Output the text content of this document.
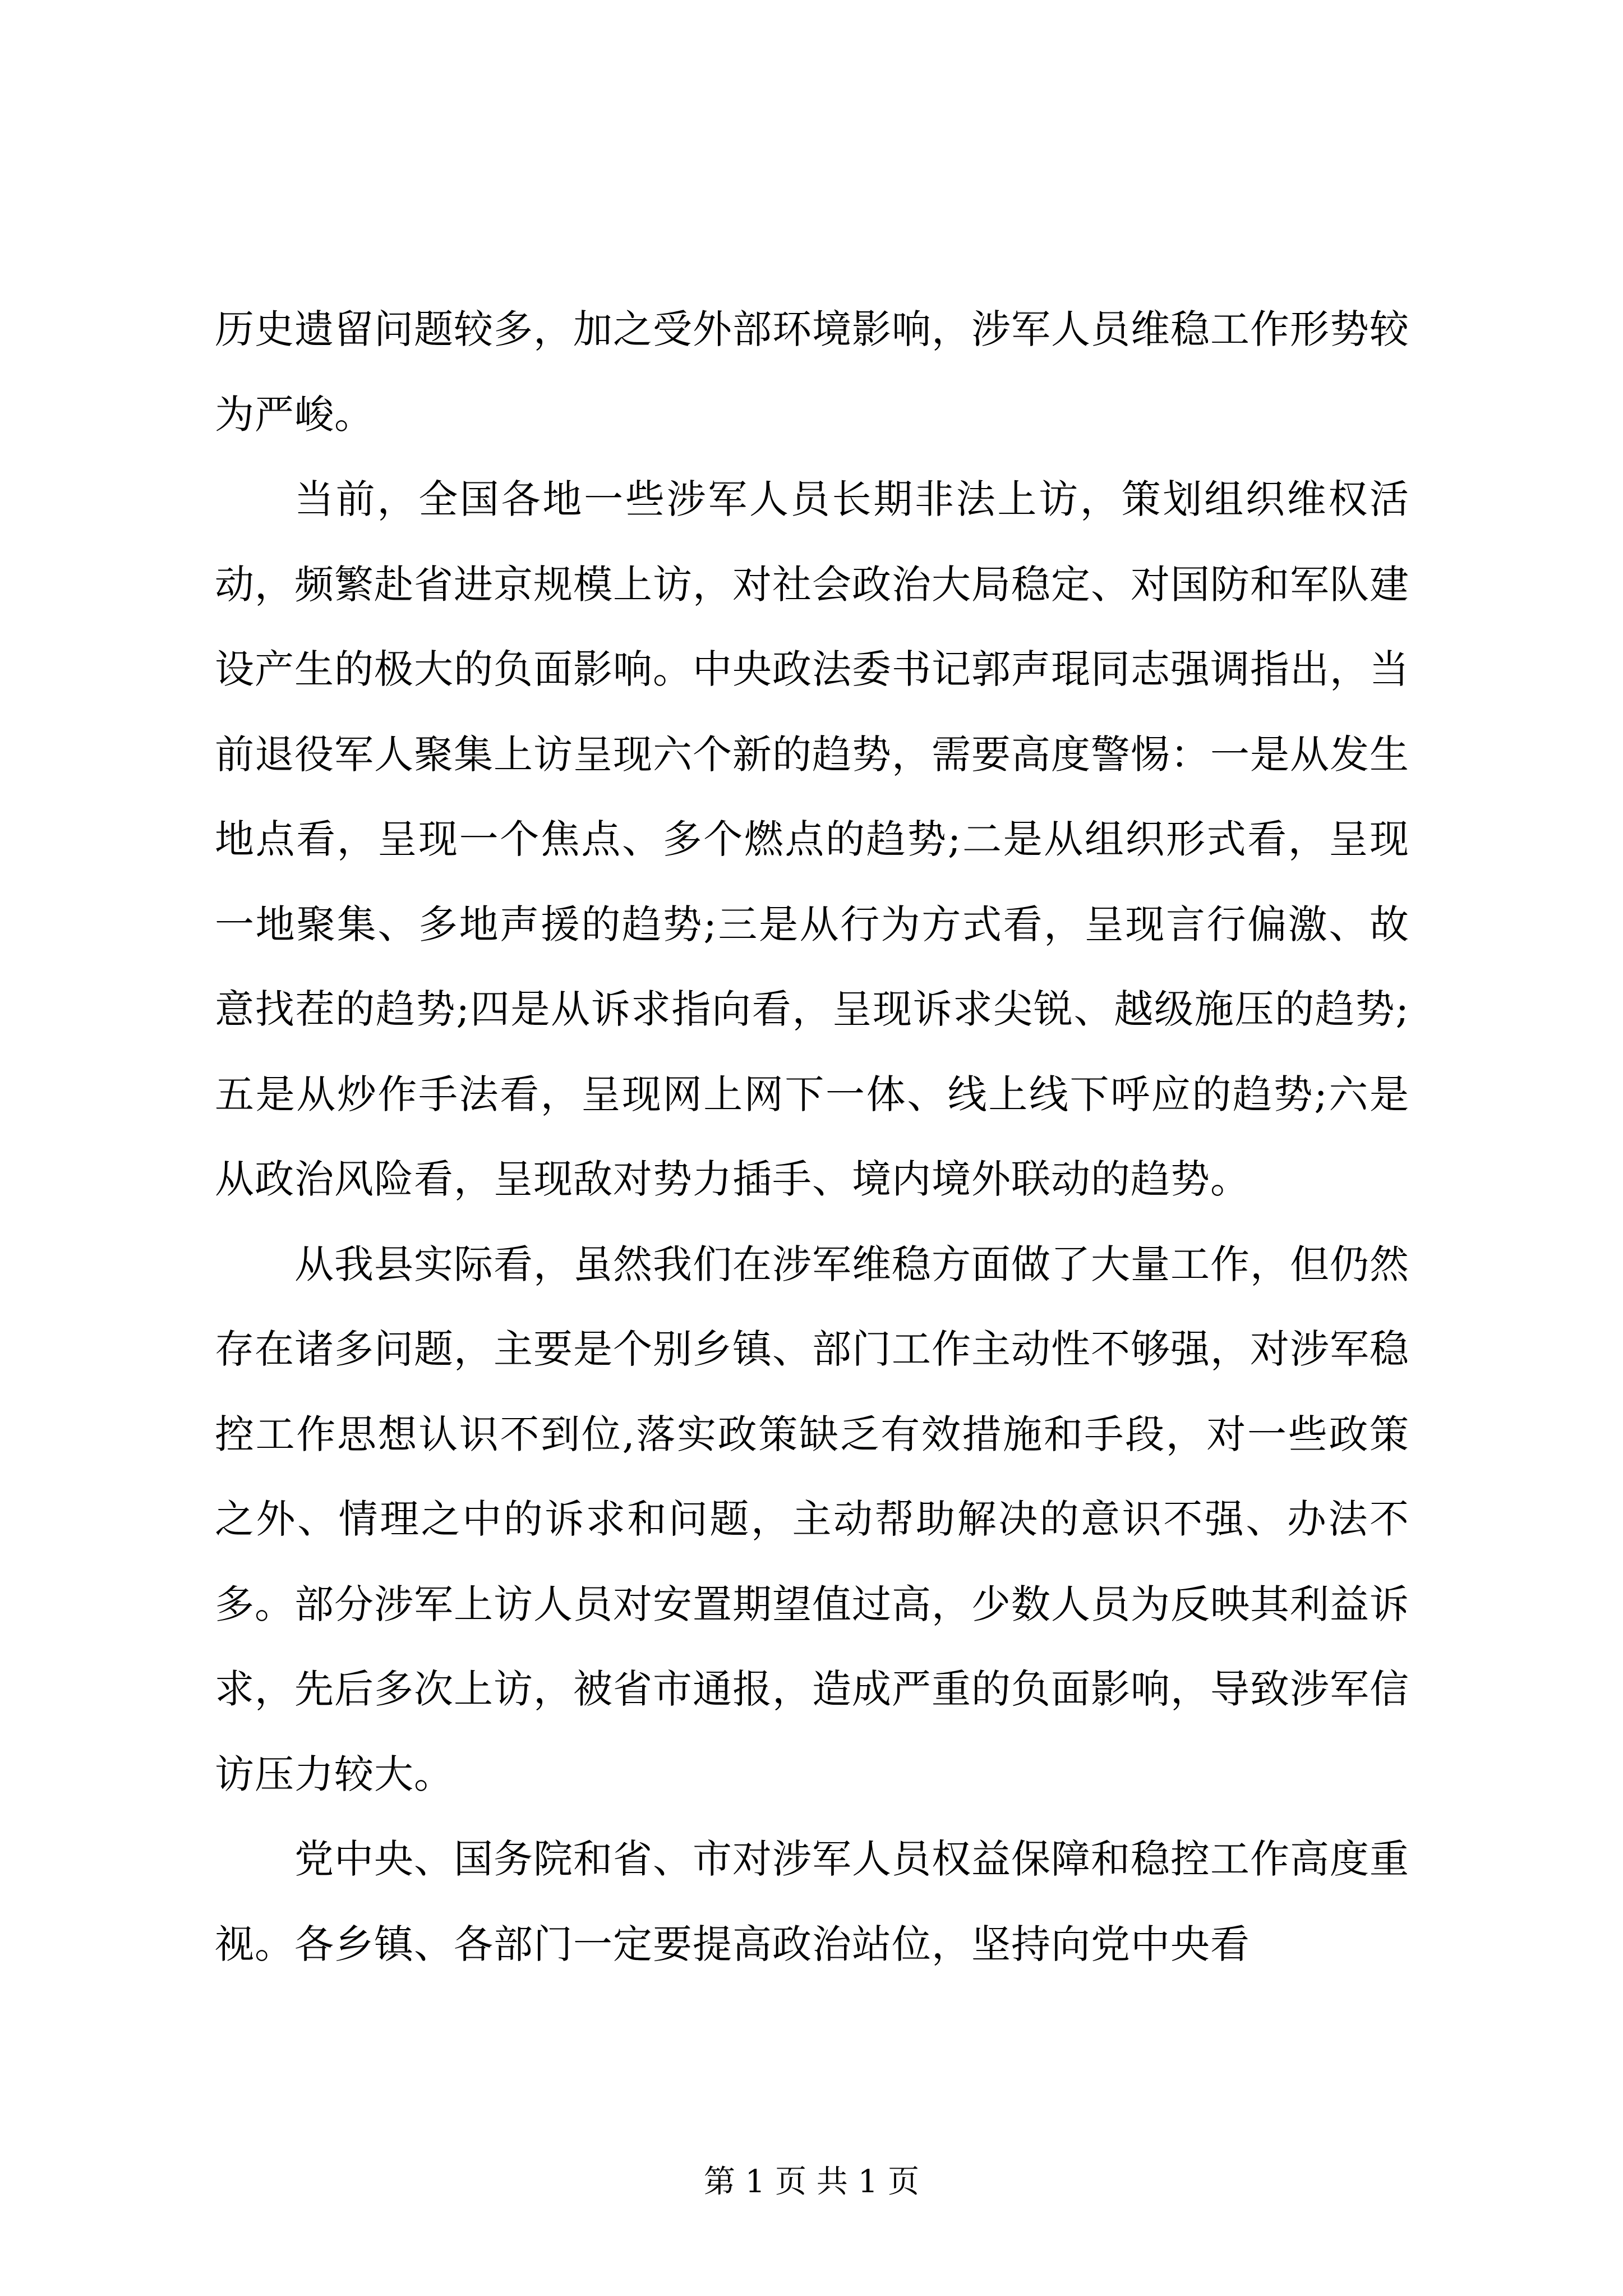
历史遗留问题较多，加之受外部环境影响，涉军人员维稳工作形势较为严峻。

当前，全国各地一些涉军人员长期非法上访，策划组织维权活动，频繁赴省进京规模上访，对社会政治大局稳定、对国防和军队建设产生的极大的负面影响。中央政法委书记郭声琨同志强调指出，当前退役军人聚集上访呈现六个新的趋势，需要高度警惕：一是从发生地点看，呈现一个焦点、多个燃点的趋势;二是从组织形式看，呈现一地聚集、多地声援的趋势;三是从行为方式看，呈现言行偏激、故意找茬的趋势;四是从诉求指向看，呈现诉求尖锐、越级施压的趋势;五是从炒作手法看，呈现网上网下一体、线上线下呼应的趋势;六是从政治风险看，呈现敌对势力插手、境内境外联动的趋势。

从我县实际看，虽然我们在涉军维稳方面做了大量工作，但仍然存在诸多问题，主要是个别乡镇、部门工作主动性不够强，对涉军稳控工作思想认识不到位,落实政策缺乏有效措施和手段，对一些政策之外、情理之中的诉求和问题，主动帮助解决的意识不强、办法不多。部分涉军上访人员对安置期望值过高，少数人员为反映其利益诉求，先后多次上访，被省市通报，造成严重的负面影响，导致涉军信访压力较大。

党中央、国务院和省、市对涉军人员权益保障和稳控工作高度重视。各乡镇、各部门一定要提高政治站位，坚持向党中央看

第 1 页 共 1 页
